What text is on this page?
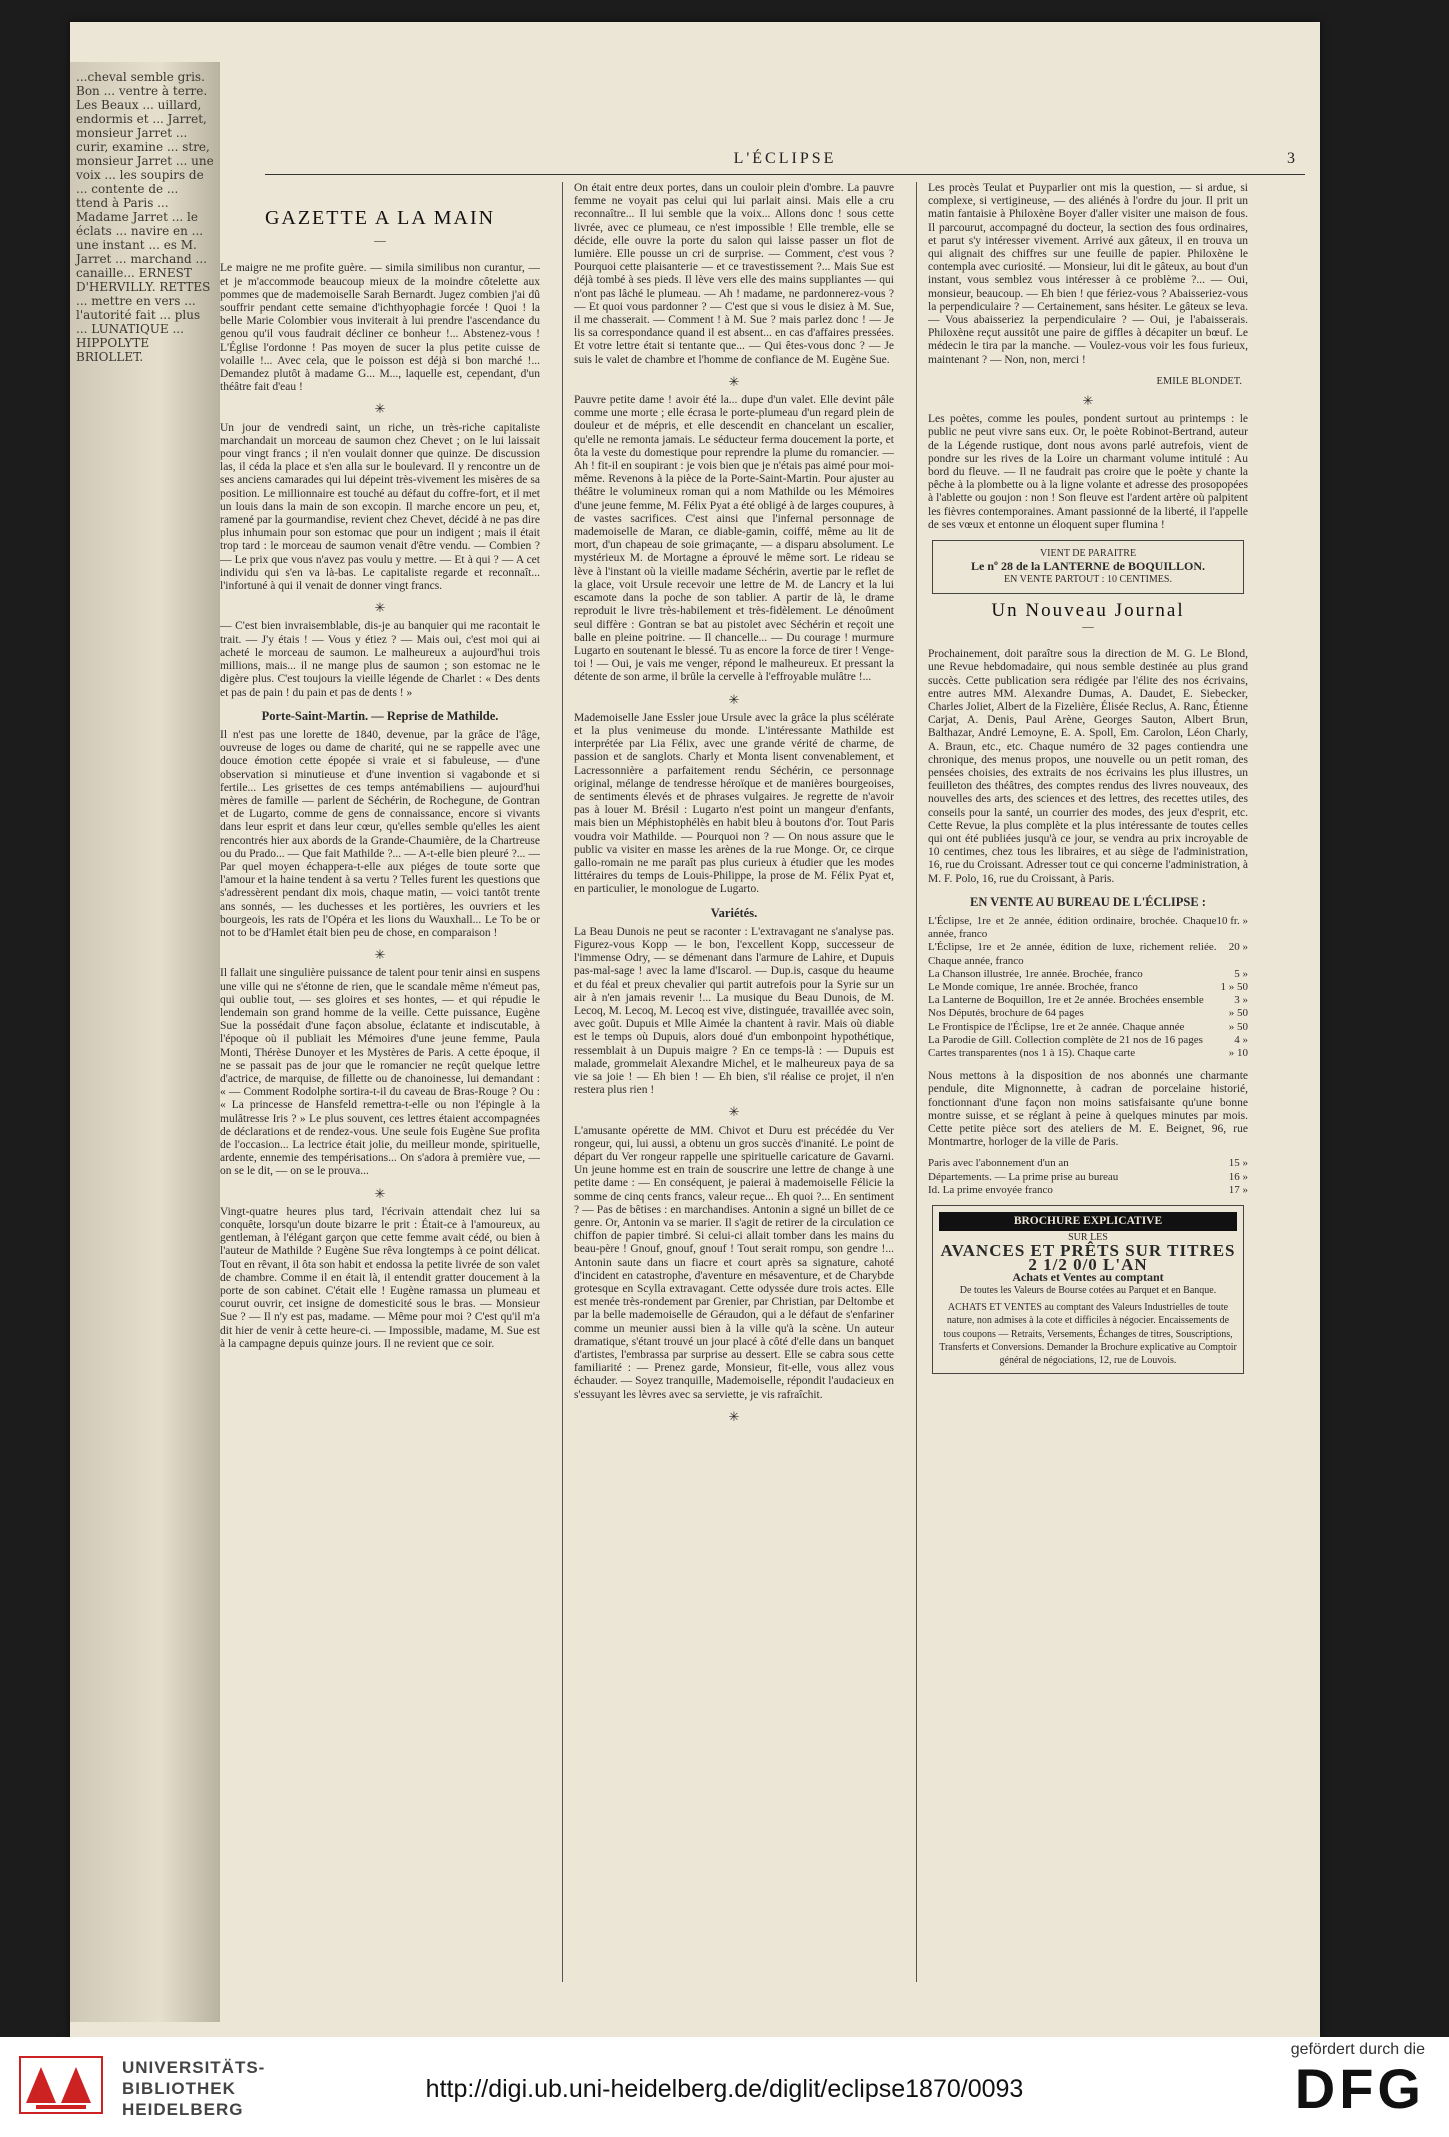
...cheval semble gris. Bon ... ventre à terre. Les Beaux ... uillard, endormis et ... Jarret, monsieur Jarret ... curir, examine ... stre, monsieur Jarret ... une voix ... les soupirs de ... contente de ... ttend à Paris ... Madame Jarret ... le éclats ... navire en ... une instant ... es M. Jarret ... marchand ... canaille... ERNEST D'HERVILLY. RETTES ... mettre en vers ... l'autorité fait ... plus ... LUNATIQUE ... HIPPOLYTE BRIOLLET.
L'ÉCLIPSE	3
GAZETTE A LA MAIN
—

Le maigre ne me profite guère. — simila similibus non curantur, — et je m'accommode beaucoup mieux de la moindre côtelette aux pommes que de mademoiselle Sarah Bernardt. Jugez combien j'ai dû souffrir pendant cette semaine d'ichthyophagie forcée ! Quoi ! la belle Marie Colombier vous inviterait à lui prendre l'ascendance du genou qu'il vous faudrait décliner ce bonheur !... Abstenez-vous ! L'Église l'ordonne ! Pas moyen de sucer la plus petite cuisse de volaille !... Avec cela, que le poisson est déjà si bon marché !... Demandez plutôt à madame G... M..., laquelle est, cependant, d'un théâtre fait d'eau !

✳

Un jour de vendredi saint, un riche, un très-riche capitaliste marchandait un morceau de saumon chez Chevet ; on le lui laissait pour vingt francs ; il n'en voulait donner que quinze. De discussion las, il céda la place et s'en alla sur le boulevard. Il y rencontre un de ses anciens camarades qui lui dépeint très-vivement les misères de sa position. Le millionnaire est touché au défaut du coffre-fort, et il met un louis dans la main de son excopin. Il marche encore un peu, et, ramené par la gourmandise, revient chez Chevet, décidé à ne pas dire plus inhumain pour son estomac que pour un indigent ; mais il était trop tard : le morceau de saumon venait d'être vendu. — Combien ? — Le prix que vous n'avez pas voulu y mettre. — Et à qui ? — A cet individu qui s'en va là-bas. Le capitaliste regarde et reconnaît... l'infortuné à qui il venait de donner vingt francs.

✳

— C'est bien invraisemblable, dis-je au banquier qui me racontait le trait. — J'y étais ! — Vous y étiez ? — Mais oui, c'est moi qui ai acheté le morceau de saumon. Le malheureux a aujourd'hui trois millions, mais... il ne mange plus de saumon ; son estomac ne le digère plus. C'est toujours la vieille légende de Charlet : « Des dents et pas de pain ! du pain et pas de dents ! »

Porte-Saint-Martin. — Reprise de Mathilde.

Il n'est pas une lorette de 1840, devenue, par la grâce de l'âge, ouvreuse de loges ou dame de charité, qui ne se rappelle avec une douce émotion cette épopée si vraie et si fabuleuse, — d'une observation si minutieuse et d'une invention si vagabonde et si fertile... Les grisettes de ces temps antémabiliens — aujourd'hui mères de famille — parlent de Séchérin, de Rochegune, de Gontran et de Lugarto, comme de gens de connaissance, encore si vivants dans leur esprit et dans leur cœur, qu'elles semble qu'elles les aient rencontrés hier aux abords de la Grande-Chaumière, de la Chartreuse ou du Prado... — Que fait Mathilde ?... — A-t-elle bien pleuré ?... — Par quel moyen échappera-t-elle aux piéges de toute sorte que l'amour et la haine tendent à sa vertu ? Telles furent les questions que s'adressèrent pendant dix mois, chaque matin, — voici tantôt trente ans sonnés, — les duchesses et les portières, les ouvriers et les bourgeois, les rats de l'Opéra et les lions du Wauxhall... Le To be or not to be d'Hamlet était bien peu de chose, en comparaison !

✳

Il fallait une singulière puissance de talent pour tenir ainsi en suspens une ville qui ne s'étonne de rien, que le scandale même n'émeut pas, qui oublie tout, — ses gloires et ses hontes, — et qui répudie le lendemain son grand homme de la veille. Cette puissance, Eugène Sue la possédait d'une façon absolue, éclatante et indiscutable, à l'époque où il publiait les Mémoires d'une jeune femme, Paula Monti, Thérèse Dunoyer et les Mystères de Paris. A cette époque, il ne se passait pas de jour que le romancier ne reçût quelque lettre d'actrice, de marquise, de fillette ou de chanoinesse, lui demandant : « — Comment Rodolphe sortira-t-il du caveau de Bras-Rouge ? Ou : « La princesse de Hansfeld remettra-t-elle ou non l'épingle à la mulâtresse Iris ? » Le plus souvent, ces lettres étaient accompagnées de déclarations et de rendez-vous. Une seule fois Eugène Sue profita de l'occasion... La lectrice était jolie, du meilleur monde, spirituelle, ardente, ennemie des tempérisations... On s'adora à première vue, — on se le dit, — on se le prouva...

✳

Vingt-quatre heures plus tard, l'écrivain attendait chez lui sa conquête, lorsqu'un doute bizarre le prit : Était-ce à l'amoureux, au gentleman, à l'élégant garçon que cette femme avait cédé, ou bien à l'auteur de Mathilde ? Eugène Sue rêva longtemps à ce point délicat. Tout en rêvant, il ôta son habit et endossa la petite livrée de son valet de chambre. Comme il en était là, il entendit gratter doucement à la porte de son cabinet. C'était elle ! Eugène ramassa un plumeau et courut ouvrir, cet insigne de domesticité sous le bras. — Monsieur Sue ? — Il n'y est pas, madame. — Même pour moi ? C'est qu'il m'a dit hier de venir à cette heure-ci. — Impossible, madame, M. Sue est à la campagne depuis quinze jours. Il ne revient que ce soir.

On était entre deux portes, dans un couloir plein d'ombre. La pauvre femme ne voyait pas celui qui lui parlait ainsi. Mais elle a cru reconnaître... Il lui semble que la voix... Allons donc ! sous cette livrée, avec ce plumeau, ce n'est impossible ! Elle tremble, elle se décide, elle ouvre la porte du salon qui laisse passer un flot de lumière. Elle pousse un cri de surprise. — Comment, c'est vous ? Pourquoi cette plaisanterie — et ce travestissement ?... Mais Sue est déjà tombé à ses pieds. Il lève vers elle des mains suppliantes — qui n'ont pas lâché le plumeau. — Ah ! madame, ne pardonnerez-vous ? — Et quoi vous pardonner ? — C'est que si vous le disiez à M. Sue, il me chasserait. — Comment ! à M. Sue ? mais parlez donc ! — Je lis sa correspondance quand il est absent... en cas d'affaires pressées. Et votre lettre était si tentante que... — Qui êtes-vous donc ? — Je suis le valet de chambre et l'homme de confiance de M. Eugène Sue.

✳

Pauvre petite dame ! avoir été la... dupe d'un valet. Elle devint pâle comme une morte ; elle écrasa le porte-plumeau d'un regard plein de douleur et de mépris, et elle descendit en chancelant un escalier, qu'elle ne remonta jamais. Le séducteur ferma doucement la porte, et ôta la veste du domestique pour reprendre la plume du romancier. — Ah ! fit-il en soupirant : je vois bien que je n'étais pas aimé pour moi-même. Revenons à la pièce de la Porte-Saint-Martin. Pour ajuster au théâtre le volumineux roman qui a nom Mathilde ou les Mémoires d'une jeune femme, M. Félix Pyat a été obligé à de larges coupures, à de vastes sacrifices. C'est ainsi que l'infernal personnage de mademoiselle de Maran, ce diable-gamin, coiffé, même au lit de mort, d'un chapeau de soie grimaçante, — a disparu absolument. Le mystérieux M. de Mortagne a éprouvé le même sort. Le rideau se lève à l'instant où la vieille madame Séchérin, avertie par le reflet de la glace, voit Ursule recevoir une lettre de M. de Lancry et la lui escamote dans la poche de son tablier. A partir de là, le drame reproduit le livre très-habilement et très-fidèlement. Le dénoûment seul diffère : Gontran se bat au pistolet avec Séchérin et reçoit une balle en pleine poitrine. — Il chancelle... — Du courage ! murmure Lugarto en soutenant le blessé. Tu as encore la force de tirer ! Venge-toi ! — Oui, je vais me venger, répond le malheureux. Et pressant la détente de son arme, il brûle la cervelle à l'effroyable mulâtre !...

✳

Mademoiselle Jane Essler joue Ursule avec la grâce la plus scélérate et la plus venimeuse du monde. L'intéressante Mathilde est interprétée par Lia Félix, avec une grande vérité de charme, de passion et de sanglots. Charly et Monta lisent convenablement, et Lacressonnière a parfaitement rendu Séchérin, ce personnage original, mélange de tendresse héroïque et de manières bourgeoises, de sentiments élevés et de phrases vulgaires. Je regrette de n'avoir pas à louer M. Brésil : Lugarto n'est point un mangeur d'enfants, mais bien un Méphistophélès en habit bleu à boutons d'or. Tout Paris voudra voir Mathilde. — Pourquoi non ? — On nous assure que le public va visiter en masse les arènes de la rue Monge. Or, ce cirque gallo-romain ne me paraît pas plus curieux à étudier que les modes littéraires du temps de Louis-Philippe, la prose de M. Félix Pyat et, en particulier, le monologue de Lugarto.

Variétés.

La Beau Dunois ne peut se raconter : L'extravagant ne s'analyse pas. Figurez-vous Kopp — le bon, l'excellent Kopp, successeur de l'immense Odry, — se démenant dans l'armure de Lahire, et Dupuis pas-mal-sage ! avec la lame d'Iscarol. — Dup.is, casque du heaume et du féal et preux chevalier qui partit autrefois pour la Syrie sur un air à n'en jamais revenir !... La musique du Beau Dunois, de M. Lecoq, M. Lecoq, M. Lecoq est vive, distinguée, travaillée avec soin, avec goût. Dupuis et Mlle Aimée la chantent à ravir. Mais où diable est le temps où Dupuis, alors doué d'un embonpoint hypothétique, ressemblait à un Dupuis maigre ? En ce temps-là : — Dupuis est malade, grommelait Alexandre Michel, et le malheureux paya de sa vie sa joie ! — Eh bien ! — Eh bien, s'il réalise ce projet, il n'en restera plus rien !

✳

L'amusante opérette de MM. Chivot et Duru est précédée du Ver rongeur, qui, lui aussi, a obtenu un gros succès d'inanité. Le point de départ du Ver rongeur rappelle une spirituelle caricature de Gavarni. Un jeune homme est en train de souscrire une lettre de change à une petite dame : — En conséquent, je paierai à mademoiselle Félicie la somme de cinq cents francs, valeur reçue... Eh quoi ?... En sentiment ? — Pas de bêtises : en marchandises. Antonin a signé un billet de ce genre. Or, Antonin va se marier. Il s'agit de retirer de la circulation ce chiffon de papier timbré. Si celui-ci allait tomber dans les mains du beau-père ! Gnouf, gnouf, gnouf ! Tout serait rompu, son gendre !... Antonin saute dans un fiacre et court après sa signature, cahoté d'incident en catastrophe, d'aventure en mésaventure, et de Charybde grotesque en Scylla extravagant. Cette odyssée dure trois actes. Elle est menée très-rondement par Grenier, par Christian, par Deltombe et par la belle mademoiselle de Géraudon, qui a le défaut de s'enfariner comme un meunier aussi bien à la ville qu'à la scène. Un auteur dramatique, s'étant trouvé un jour placé à côté d'elle dans un banquet d'artistes, l'embrassa par surprise au dessert. Elle se cabra sous cette familiarité : — Prenez garde, Monsieur, fit-elle, vous allez vous échauder. — Soyez tranquille, Mademoiselle, répondit l'audacieux en s'essuyant les lèvres avec sa serviette, je vis rafraîchit.

✳

Les procès Teulat et Puyparlier ont mis la question, — si ardue, si complexe, si vertigineuse, — des aliénés à l'ordre du jour. Il prit un matin fantaisie à Philoxène Boyer d'aller visiter une maison de fous. Il parcourut, accompagné du docteur, la section des fous ordinaires, et parut s'y intéresser vivement. Arrivé aux gâteux, il en trouva un qui alignait des chiffres sur une feuille de papier. Philoxène le contempla avec curiosité. — Monsieur, lui dit le gâteux, au bout d'un instant, vous semblez vous intéresser à ce problème ?... — Oui, monsieur, beaucoup. — Eh bien ! que fériez-vous ? Abaisseriez-vous la perpendiculaire ? — Certainement, sans hésiter. Le gâteux se leva. — Vous abaisseriez la perpendiculaire ? — Oui, je l'abaisserais. Philoxène reçut aussitôt une paire de giffles à décapiter un bœuf. Le médecin le tira par la manche. — Voulez-vous voir les fous furieux, maintenant ? — Non, non, merci !

EMILE BLONDET.
✳

Les poètes, comme les poules, pondent surtout au printemps : le public ne peut vivre sans eux. Or, le poète Robinot-Bertrand, auteur de la Légende rustique, dont nous avons parlé autrefois, vient de pondre sur les rives de la Loire un charmant volume intitulé : Au bord du fleuve. — Il ne faudrait pas croire que le poète y chante la pêche à la plombette ou à la ligne volante et adresse des prosopopées à l'ablette ou goujon : non ! Son fleuve est l'ardent artère où palpitent les fièvres contemporaines. Amant passionné de la liberté, il l'appelle de ses vœux et entonne un éloquent super flumina !

VIENT DE PARAITRE
Le nº 28 de la LANTERNE de BOQUILLON.
EN VENTE PARTOUT : 10 CENTIMES.
Un Nouveau Journal
—

Prochainement, doit paraître sous la direction de M. G. Le Blond, une Revue hebdomadaire, qui nous semble destinée au plus grand succès. Cette publication sera rédigée par l'élite des nos écrivains, entre autres MM. Alexandre Dumas, A. Daudet, E. Siebecker, Charles Joliet, Albert de la Fizelière, Élisée Reclus, A. Ranc, Étienne Carjat, A. Denis, Paul Arène, Georges Sauton, Albert Brun, Balthazar, André Lemoyne, E. A. Spoll, Em. Carolon, Léon Charly, A. Braun, etc., etc. Chaque numéro de 32 pages contiendra une chronique, des menus propos, une nouvelle ou un petit roman, des pensées choisies, des extraits de nos écrivains les plus illustres, un feuilleton des théâtres, des comptes rendus des livres nouveaux, des nouvelles des arts, des sciences et des lettres, des recettes utiles, des conseils pour la santé, un courrier des modes, des jeux d'esprit, etc. Cette Revue, la plus complète et la plus intéressante de toutes celles qui ont été publiées jusqu'à ce jour, se vendra au prix incroyable de 10 centimes, chez tous les libraires, et au siège de l'administration, 16, rue du Croissant. Adresser tout ce qui concerne l'administration, à M. F. Polo, 16, rue du Croissant, à Paris.

EN VENTE AU BUREAU DE L'ÉCLIPSE :
L'Éclipse, 1re et 2e année, édition ordinaire, brochée. Chaque année, franco	10 fr. »
L'Éclipse, 1re et 2e année, édition de luxe, richement reliée. Chaque année, franco	20 »
La Chanson illustrée, 1re année. Brochée, franco	5 »
Le Monde comique, 1re année. Brochée, franco	1 » 50
La Lanterne de Boquillon, 1re et 2e année. Brochées ensemble	3 »
Nos Députés, brochure de 64 pages	» 50
Le Frontispice de l'Éclipse, 1re et 2e année. Chaque année	» 50
La Parodie de Gill. Collection complète de 21 nos de 16 pages	4 »
Cartes transparentes (nos 1 à 15). Chaque carte	» 10

Nous mettons à la disposition de nos abonnés une charmante pendule, dite Mignonnette, à cadran de porcelaine historié, fonctionnant d'une façon non moins satisfaisante qu'une bonne montre suisse, et se réglant à peine à quelques minutes par mois. Cette petite pièce sort des ateliers de M. E. Beignet, 96, rue Montmartre, horloger de la ville de Paris.

Paris avec l'abonnement d'un an	15 »
Départements. — La prime prise au bureau	16 »
Id. La prime envoyée franco	17 »
BROCHURE EXPLICATIVE
SUR LES
AVANCES ET PRÊTS SUR TITRES 2 1/2 0/0 L'AN
Achats et Ventes au comptant
De toutes les Valeurs de Bourse cotées au Parquet et en Banque.
ACHATS ET VENTES au comptant des Valeurs Industrielles de toute nature, non admises à la cote et difficiles à négocier. Encaissements de tous coupons — Retraits, Versements, Échanges de titres, Souscriptions, Transferts et Conversions. Demander la Brochure explicative au Comptoir général de négociations, 12, rue de Louvois.
UNIVERSITÄTS-
BIBLIOTHEK
HEIDELBERG
http://digi.ub.uni-heidelberg.de/diglit/eclipse1870/0093
gefördert durch die
DFG
